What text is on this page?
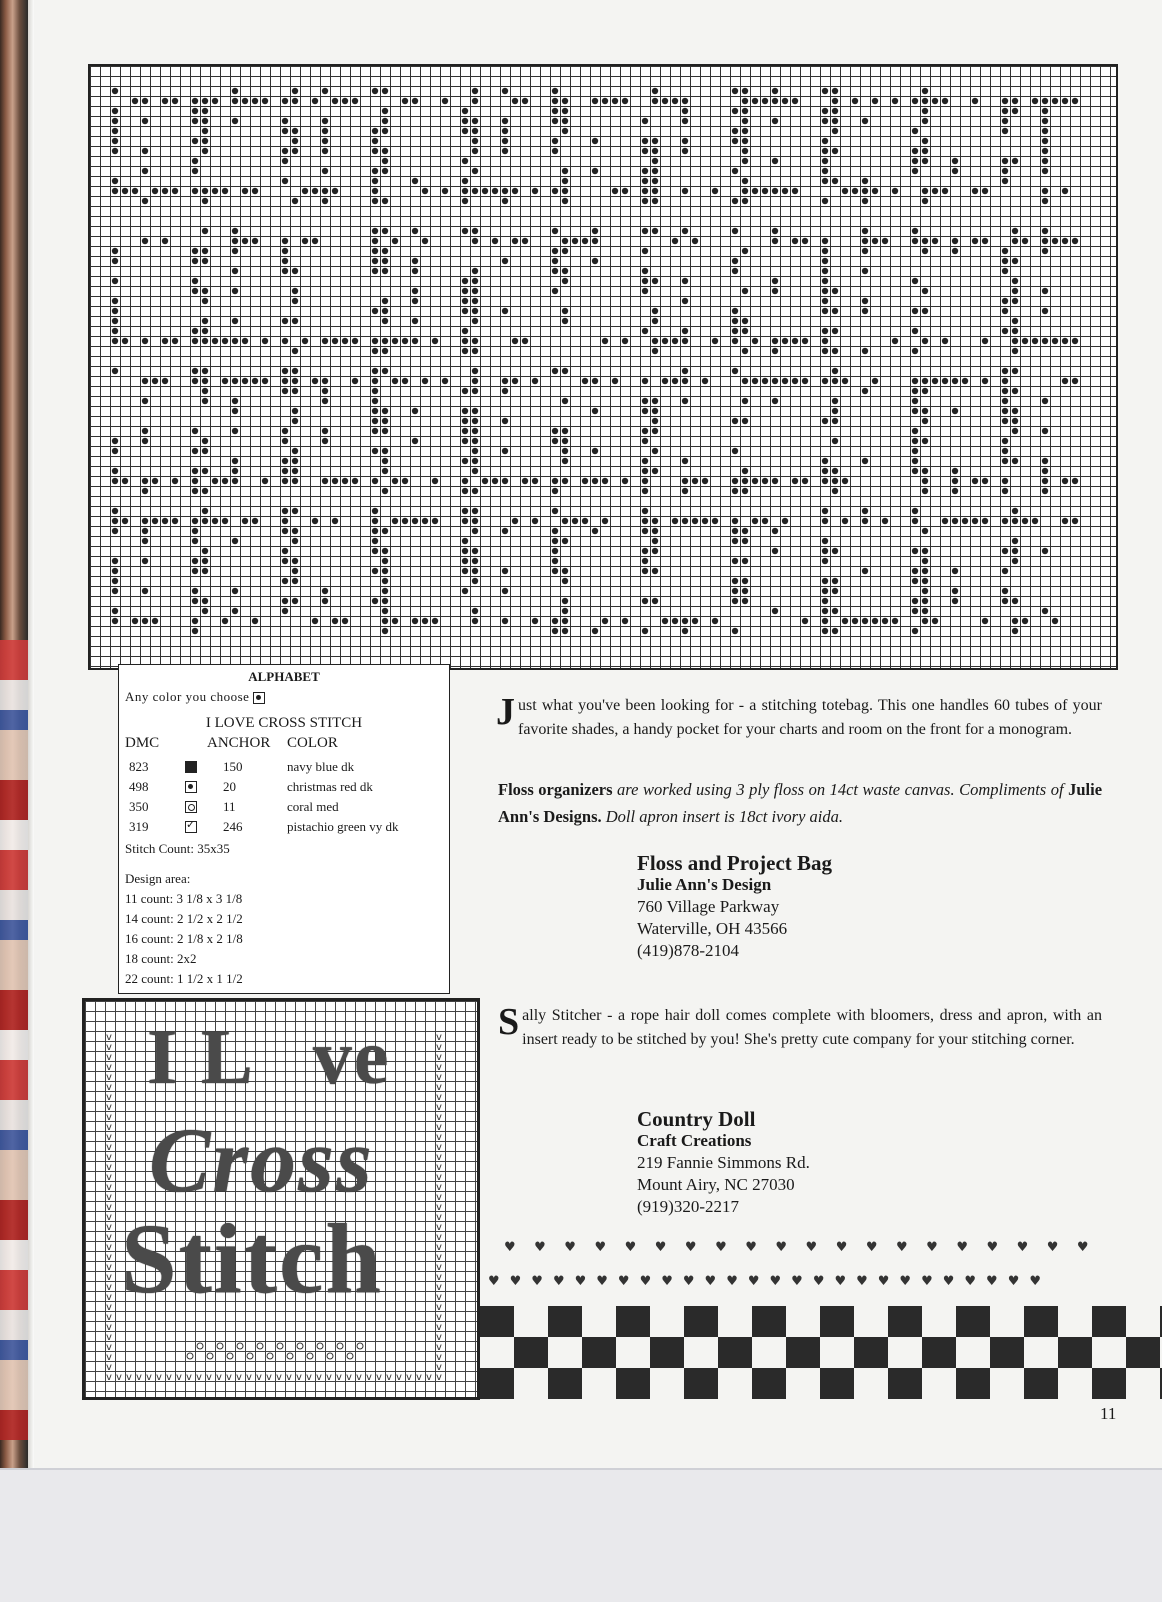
ALPHABET
Any color you choose
I LOVE CROSS STITCH
DMC	ANCHOR COLOR
823	150	navy blue dk
498	20	christmas red dk
350	11	coral med
319
✓	246	pistachio green vy dk
Stitch Count: 35x35
Design area:
11 count: 3 1/8 x 3 1/8
14 count: 2 1/2 x 2 1/2
16 count: 2 1/8 x 2 1/8
18 count: 2x2
22 count: 1 1/2 x 1 1/2
v	v
v	v
v	v
v	v
v	v
v	v
v	v
v	v
v	v
v	v
v	v
v	v
v	v
v	v
v	v
v	v
v	v
v	v
v	v
v	v
v	v
v	v
v	v
v	v
v	v
v	v
v	v
v	v
v	v
v	v
v	v
v	v
v	v
v	v
v v v v v v v v v v v v v v v v v v v v v v v v v v v v v v v v v v
I L ve
Cross
Stitch
Just what you've been looking for - a stitching totebag. This one handles 60 tubes of your favorite shades, a handy pocket for your charts and room on the front for a monogram.
Floss organizers are worked using 3 ply floss on 14ct waste canvas. Compliments of Julie Ann's Designs. Doll apron insert is 18ct ivory aida.
Floss and Project Bag
Julie Ann's Design
760 Village Parkway
Waterville, OH 43566
(419)878-2104
Sally Stitcher - a rope hair doll comes complete with bloomers, dress and apron, with an insert ready to be stitched by you! She's pretty cute company for your stitching corner.
Country Doll
Craft Creations
219 Fannie Simmons Rd.
Mount Airy, NC 27030
(919)320-2217
♥♥♥♥♥♥♥♥♥♥♥♥♥♥♥♥♥♥♥♥
♥♥♥♥♥♥♥♥♥♥♥♥♥♥♥♥♥♥♥♥♥♥♥♥♥♥
11
